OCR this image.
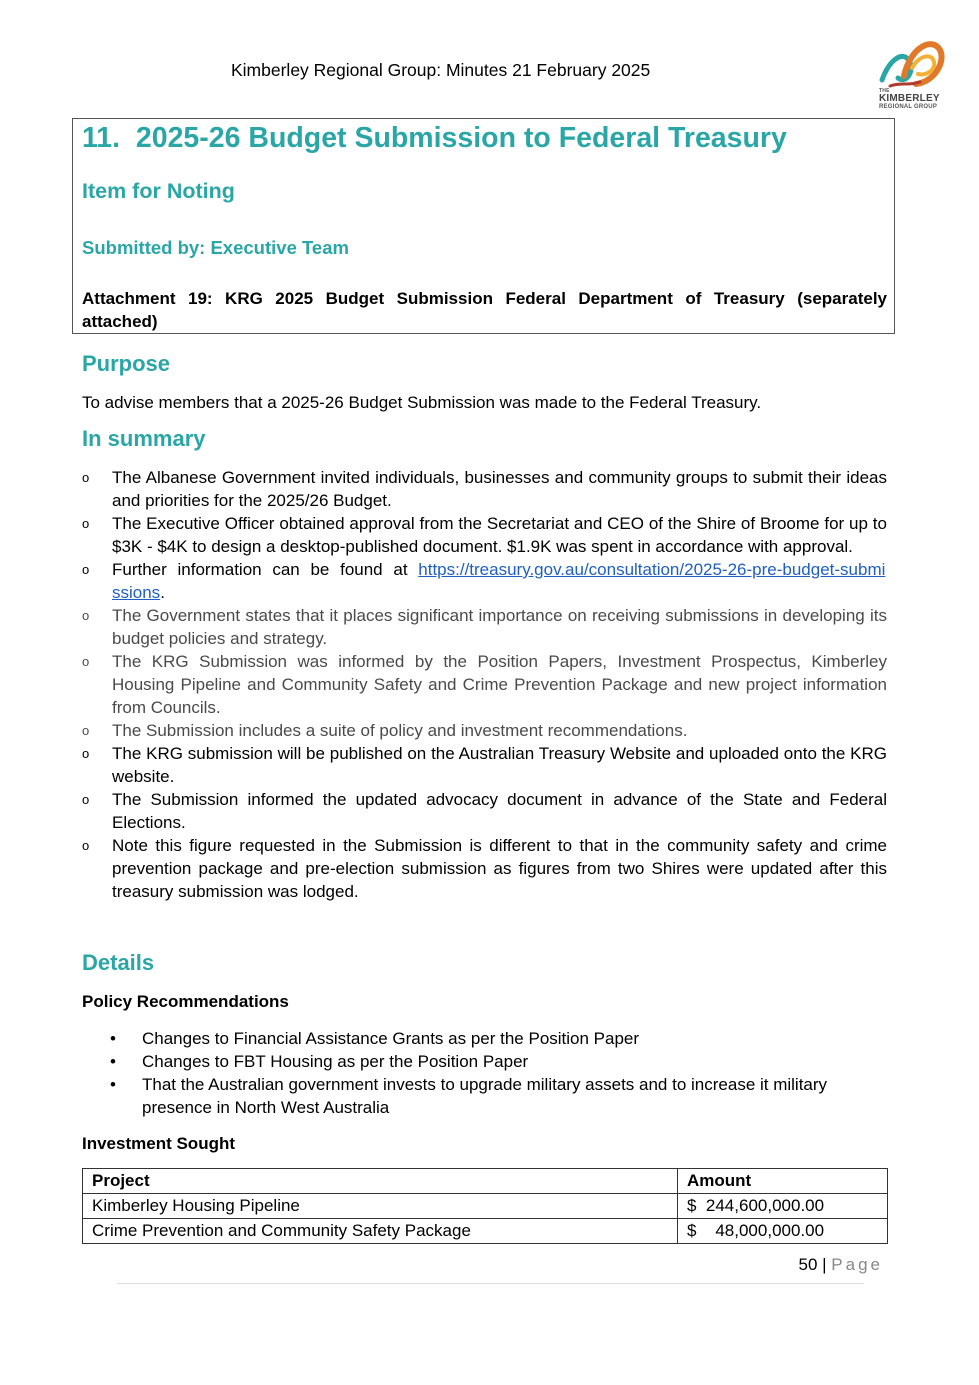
Kimberley Regional Group: Minutes 21 February 2025
THE
KIMBERLEY
REGIONAL GROUP
11.  2025-26 Budget Submission to Federal Treasury
Item for Noting
Submitted by: Executive Team
Attachment 19: KRG 2025 Budget Submission Federal Department of Treasury (separately attached)
Purpose
To advise members that a 2025-26 Budget Submission was made to the Federal Treasury.
In summary
o The Albanese Government invited individuals, businesses and community groups to submit their ideas and priorities for the 2025/26 Budget.
o The Executive Officer obtained approval from the Secretariat and CEO of the Shire of Broome for up to $3K - $4K to design a desktop-published document. $1.9K was spent in accordance with approval.
o Further information can be found at https://treasury.gov.au/consultation/2025-26-pre-budget-submissions.
o The Government states that it places significant importance on receiving submissions in developing its budget policies and strategy.
o The KRG Submission was informed by the Position Papers, Investment Prospectus, Kimberley Housing Pipeline and Community Safety and Crime Prevention Package and new project information from Councils.
o The Submission includes a suite of policy and investment recommendations.
o The KRG submission will be published on the Australian Treasury Website and uploaded onto the KRG website.
o The Submission informed the updated advocacy document in advance of the State and Federal Elections.
o Note this figure requested in the Submission is different to that in the community safety and crime prevention package and pre-election submission as figures from two Shires were updated after this treasury submission was lodged.
Details
Policy Recommendations
• Changes to Financial Assistance Grants as per the Position Paper
• Changes to FBT Housing as per the Position Paper
• That the Australian government invests to upgrade military assets and to increase it military presence in North West Australia
Investment Sought
Project	Amount
Kimberley Housing Pipeline	$  244,600,000.00
Crime Prevention and Community Safety Package	$    48,000,000.00
50 | Page
